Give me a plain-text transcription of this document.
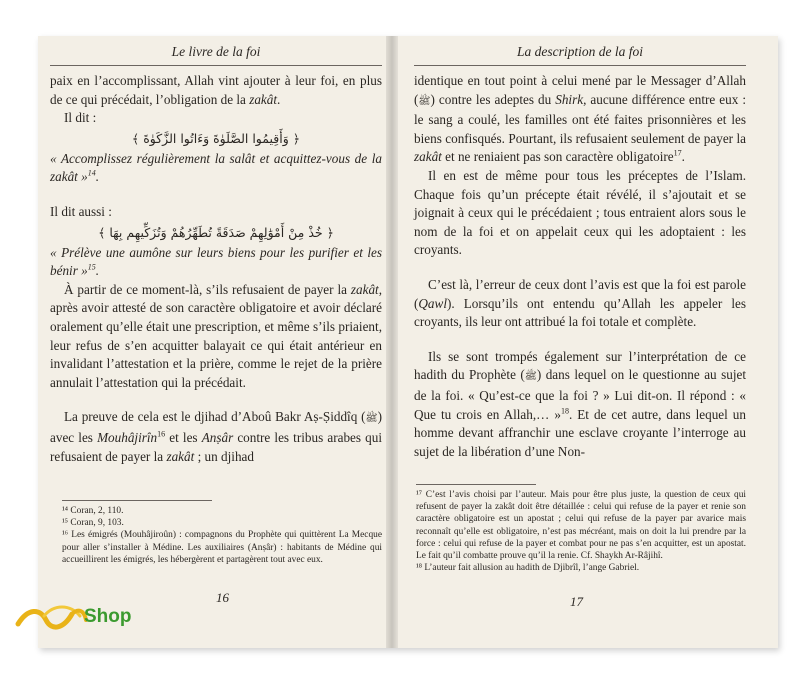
Le livre de la foi

paix en l’accomplissant, Allah vint ajouter à leur foi, en plus de ce qui précédait, l’obligation de la zakât.

Il dit :

﴿ وَأَقِيمُوا الصَّلَوٰةَ وَءَاتُوا الزَّكَوٰةَ ﴾

« Accomplissez régulièrement la salât et acquittez-vous de la zakât »$^{14}$.

Il dit aussi :

﴿ خُذْ مِنْ أَمْوَٰلِهِمْ صَدَقَةً تُطَهِّرُهُمْ وَتُزَكِّيهِم بِهَا ﴾

« Prélève une aumône sur leurs biens pour les purifier et les bénir »$^{15}$.

À partir de ce moment-là, s’ils refusaient de payer la zakât, après avoir attesté de son caractère obligatoire et avoir déclaré oralement qu’elle était une prescription, et même s’ils priaient, leur refus de s’en acquitter balayait ce qui était antérieur en invalidant l’attestation et la prière, comme le rejet de la prière annulait l’attestation qui la précédait.

La preuve de cela est le djihad d’Aboû Bakr Aṣ-Ṣiddîq (ﷺ) avec les Mouhâjirîn$^{16}$ et les Anṣâr contre les tribus arabes qui refusaient de payer la zakât ; un djihad

¹⁴ Coran, 2, 110.

¹⁵ Coran, 9, 103.

¹⁶ Les émigrés (Mouhâjiroûn) : compagnons du Prophète qui quittèrent La Mecque pour aller s’installer à Médine. Les auxiliaires (Anṣâr) : habitants de Médine qui accueillirent les émigrés, les hébergèrent et partagèrent tout avec eux.

16
La description de la foi

identique en tout point à celui mené par le Messager d’Allah (ﷺ) contre les adeptes du Shirk, aucune différence entre eux : le sang a coulé, les familles ont été faites prisonnières et les biens confisqués. Pourtant, ils refusaient seulement de payer la zakât et ne reniaient pas son caractère obligatoire$^{17}$.

Il en est de même pour tous les préceptes de l’Islam. Chaque fois qu’un précepte était révélé, il s’ajoutait et se joignait à ceux qui le précédaient ; tous entraient alors sous le nom de la foi et on appelait ceux qui les adoptaient : les croyants.

C’est là, l’erreur de ceux dont l’avis est que la foi est parole (Qawl). Lorsqu’ils ont entendu qu’Allah les appeler les croyants, ils leur ont attribué la foi totale et complète.

Ils se sont trompés également sur l’interprétation de ce hadith du Prophète (ﷺ) dans lequel on le questionne au sujet de la foi. « Qu’est-ce que la foi ? » Lui dit-on. Il répond : « Que tu crois en Allah,… »$^{18}$. Et de cet autre, dans lequel un homme devant affranchir une esclave croyante l’interroge au sujet de la libération d’une Non-

¹⁷ C’est l’avis choisi par l’auteur. Mais pour être plus juste, la question de ceux qui refusent de payer la zakât doit être détaillée : celui qui refuse de la payer et renie son caractère obligatoire est un apostat ; celui qui refuse de la payer par avarice mais reconnaît qu’elle est obligatoire, n’est pas mécréant, mais on doit la lui prendre par la force : celui qui refuse de la payer et combat pour ne pas s’en acquitter, est un apostat. Le fait qu’il combatte prouve qu’il la renie. Cf. Shaykh Ar-Râjihî.

¹⁸ L’auteur fait allusion au hadith de Djibrîl, l’ange Gabriel.

17
Shop
